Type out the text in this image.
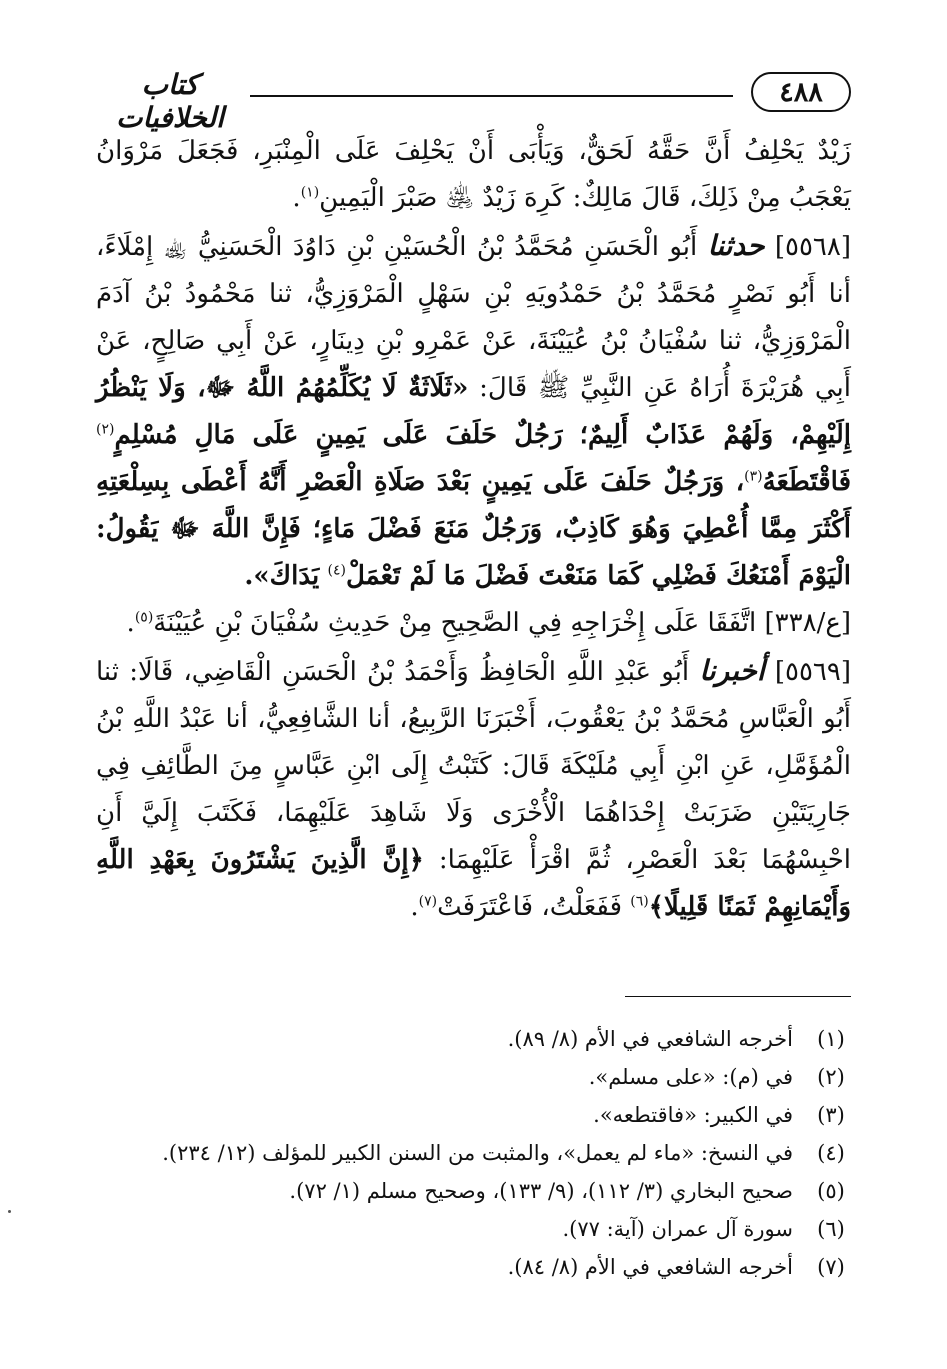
٤٨٨
كتاب الخلافيات

زَيْدٌ يَحْلِفُ أَنَّ حَقَّهُ لَحَقٌّ، وَيَأْبَى أَنْ يَحْلِفَ عَلَى الْمِنْبَرِ، فَجَعَلَ مَرْوَانُ يَعْجَبُ مِنْ ذَلِكَ، قَالَ مَالِكٌ: كَرِهَ زَيْدٌ ﵁ صَبْرَ الْيَمِينِ$^{(١)}$.

[٥٥٦٨] حدثنا أَبُو الْحَسَنِ مُحَمَّدُ بْنُ الْحُسَيْنِ بْنِ دَاوُدَ الْحَسَنِيُّ ﵀ إِمْلَاءً، أنا أَبُو نَصْرٍ مُحَمَّدُ بْنُ حَمْدُويَهِ بْنِ سَهْلٍ الْمَرْوَزِيُّ، ثنا مَحْمُودُ بْنُ آدَمَ الْمَرْوَزِيُّ، ثنا سُفْيَانُ بْنُ عُيَيْنَةَ، عَنْ عَمْرِو بْنِ دِينَارٍ، عَنْ أَبِي صَالِحٍ، عَنْ أَبِي هُرَيْرَةَ أُرَاهُ عَنِ النَّبِيِّ ﷺ قَالَ: «ثَلَاثَةٌ لَا يُكَلِّمُهُمُ اللَّهُ ﷻ، وَلَا يَنْظُرُ إِلَيْهِمْ، وَلَهُمْ عَذَابٌ أَلِيمٌ؛ رَجُلٌ حَلَفَ عَلَى يَمِينٍ عَلَى مَالِ مُسْلِمٍ$^{(٢)}$ فَاقْتَطَعَهُ$^{(٣)}$، وَرَجُلٌ حَلَفَ عَلَى يَمِينٍ بَعْدَ صَلَاةِ الْعَصْرِ أَنَّهُ أَعْطَى بِسِلْعَتِهِ أَكْثَرَ مِمَّا أُعْطِيَ وَهُوَ كَاذِبٌ، وَرَجُلٌ مَنَعَ فَضْلَ مَاءٍ؛ فَإِنَّ اللَّهَ ﷻ يَقُولُ: الْيَوْمَ أَمْنَعُكَ فَضْلِي كَمَا مَنَعْتَ فَضْلَ مَا لَمْ تَعْمَلْ$^{(٤)}$ يَدَاكَ».

[ع/٣٣٨] اتَّفَقَا عَلَى إِخْرَاجِهِ فِي الصَّحِيحِ مِنْ حَدِيثِ سُفْيَانَ بْنِ عُيَيْنَةَ$^{(٥)}$.

[٥٥٦٩] أخبرنا أَبُو عَبْدِ اللَّهِ الْحَافِظُ وَأَحْمَدُ بْنُ الْحَسَنِ الْقَاضِي، قَالَا: ثنا أَبُو الْعَبَّاسِ مُحَمَّدُ بْنُ يَعْقُوبَ، أَخْبَرَنَا الرَّبِيعُ، أنا الشَّافِعِيُّ، أنا عَبْدُ اللَّهِ بْنُ الْمُؤَمَّلِ، عَنِ ابْنِ أَبِي مُلَيْكَةَ قَالَ: كَتَبْتُ إِلَى ابْنِ عَبَّاسٍ مِنَ الطَّائِفِ فِي جَارِيَتَيْنِ ضَرَبَتْ إِحْدَاهُمَا الْأُخْرَى وَلَا شَاهِدَ عَلَيْهِمَا، فَكَتَبَ إِلَيَّ أَنِ احْبِسْهُمَا بَعْدَ الْعَصْرِ، ثُمَّ اقْرَأْ عَلَيْهِمَا: ﴿إِنَّ الَّذِينَ يَشْتَرُونَ بِعَهْدِ اللَّهِ وَأَيْمَانِهِمْ ثَمَنًا قَلِيلًا﴾$^{(٦)}$ فَفَعَلْتُ، فَاعْتَرَفَتْ$^{(٧)}$.

(١)
أخرجه الشافعي في الأم (٨/ ٨٩).
(٢)
في (م): «على مسلم».
(٣)
في الكبير: «فاقتطعه».
(٤)
في النسخ: «ماء لم يعمل»، والمثبت من السنن الكبير للمؤلف (١٢/ ٢٣٤).
(٥)
صحيح البخاري (٣/ ١١٢)، (٩/ ١٣٣)، وصحيح مسلم (١/ ٧٢).
(٦)
سورة آل عمران (آية: ٧٧).
(٧)
أخرجه الشافعي في الأم (٨/ ٨٤).
